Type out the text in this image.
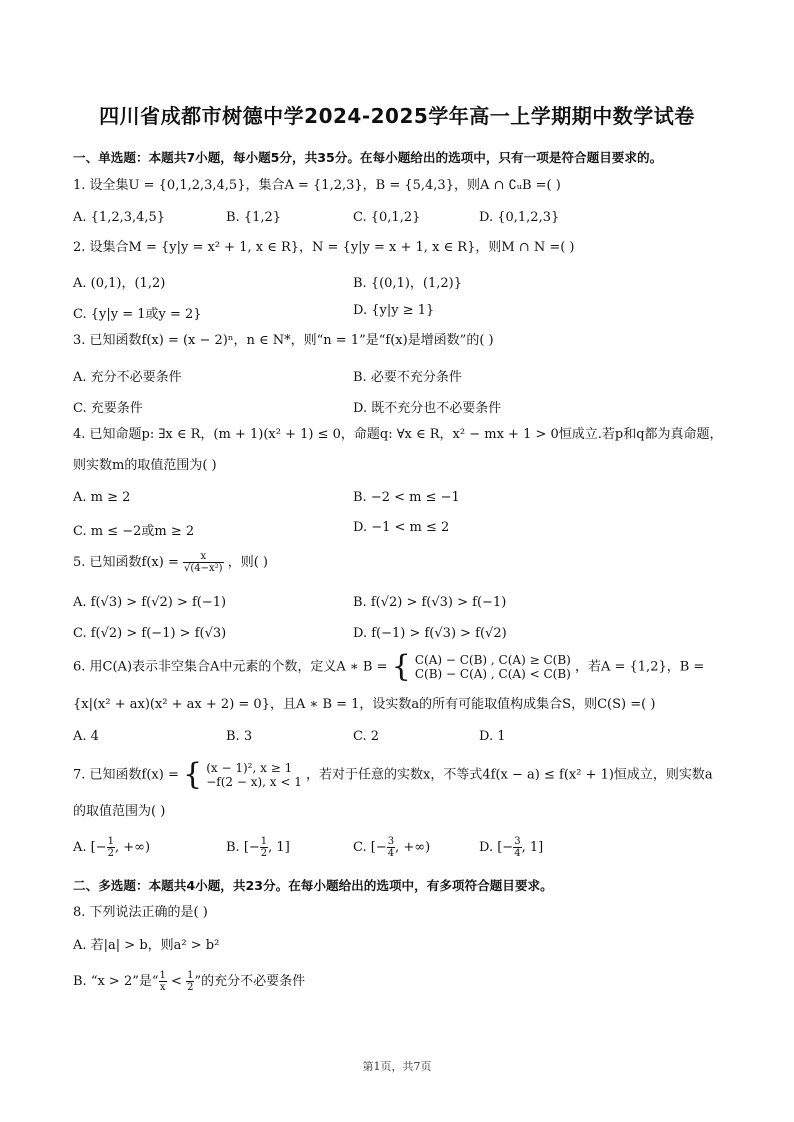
四川省成都市树德中学2024-2025学年高一上学期期中数学试卷
一、单选题：本题共7小题，每小题5分，共35分。在每小题给出的选项中，只有一项是符合题目要求的。
1. 设全集U = {0,1,2,3,4,5}，集合A = {1,2,3}，B = {5,4,3}，则A ∩ ∁ᵤB =( )
A. {1,2,3,4,5}	B. {1,2}	C. {0,1,2}	D. {0,1,2,3}
2. 设集合M = {y|y = x² + 1, x ∈ R}，N = {y|y = x + 1, x ∈ R}，则M ∩ N =( )
A. (0,1)，(1,2)	B. {(0,1)，(1,2)}
C. {y|y = 1或y = 2}	D. {y|y ≥ 1}
3. 已知函数f(x) = (x − 2)ⁿ，n ∈ N*，则“n = 1”是“f(x)是增函数”的( )
A. 充分不必要条件	B. 必要不充分条件
C. 充要条件	D. 既不充分也不必要条件
4. 已知命题p: ∃x ∈ R，(m + 1)(x² + 1) ≤ 0，命题q: ∀x ∈ R，x² − mx + 1 > 0恒成立.若p和q都为真命题，
则实数m的取值范围为( )
A. m ≥ 2	B. −2 < m ≤ −1
C. m ≤ −2或m ≥ 2	D. −1 < m ≤ 2
5. 已知函数$f(x) = \frac{x}{\text{√(4−x²)}}$ ，则( )
A. f(√3) > f(√2) > f(−1)	B. f(√2) > f(√3) > f(−1)
C. f(√2) > f(−1) > f(√3)	D. f(−1) > f(√3) > f(√2)
6. 用C(A)表示非空集合A中元素的个数，定义A ∗ B = { C(A) − C(B) , C(A) ≥ C(B)
C(B) − C(A) , C(A) < C(B) ，若A = {1,2}，B =
{x|(x² + ax)(x² + ax + 2) = 0}，且A ∗ B = 1，设实数a的所有可能取值构成集合S，则C(S) =( )
A. 4	B. 3	C. 2	D. 1
7. 已知函数f(x) = { (x − 1)², x ≥ 1
−f(2 − x), x < 1 ，若对于任意的实数x，不等式4f(x − a) ≤ f(x² + 1)恒成立，则实数a
的取值范围为( )
A. [− $\frac{1}{2}$ , +∞)	B. [− $\frac{1}{2}$ , 1]	C. [− $\frac{3}{4}$ , +∞)	D. [− $\frac{3}{4}$ , 1]
二、多选题：本题共4小题，共23分。在每小题给出的选项中，有多项符合题目要求。
8. 下列说法正确的是( )
A. 若|a| > b，则a² > b²
B. “x > 2”是“ $\frac{1}{x} < \frac{1}{2}$ ”的充分不必要条件
第1页，共7页
